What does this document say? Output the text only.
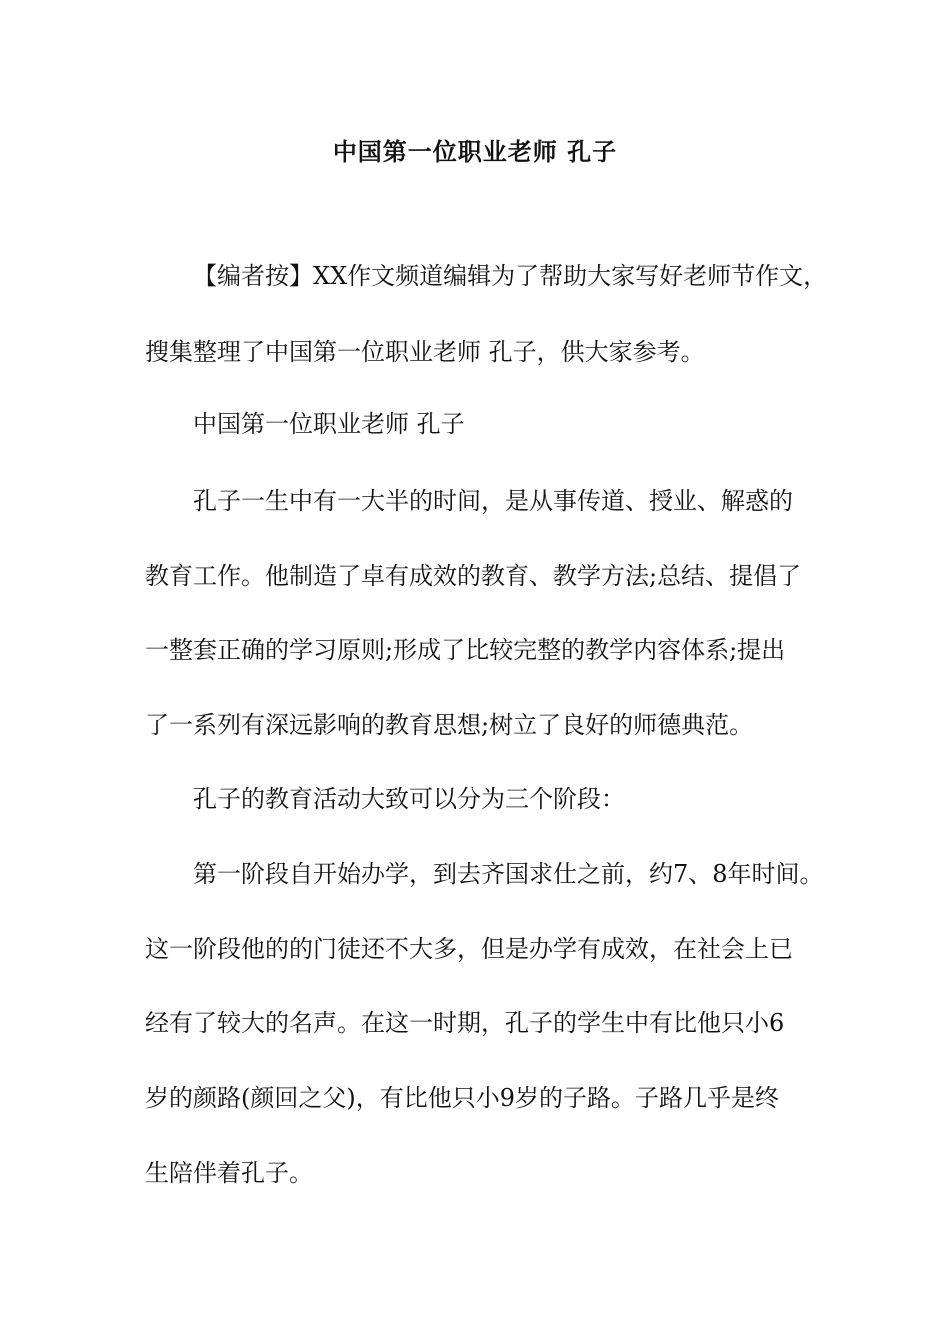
中国第一位职业老师 孔子
【编者按】XX作文频道编辑为了帮助大家写好老师节作文，
搜集整理了中国第一位职业老师 孔子，供大家参考。
中国第一位职业老师 孔子
孔子一生中有一大半的时间，是从事传道、授业、解惑的
教育工作。他制造了卓有成效的教育、教学方法;总结、提倡了
一整套正确的学习原则;形成了比较完整的教学内容体系;提出
了一系列有深远影响的教育思想;树立了良好的师德典范。
孔子的教育活动大致可以分为三个阶段：
第一阶段自开始办学，到去齐国求仕之前，约7、8年时间。
这一阶段他的的门徒还不大多，但是办学有成效，在社会上已
经有了较大的名声。在这一时期，孔子的学生中有比他只小6
岁的颜路(颜回之父)，有比他只小9岁的子路。子路几乎是终
生陪伴着孔子。
